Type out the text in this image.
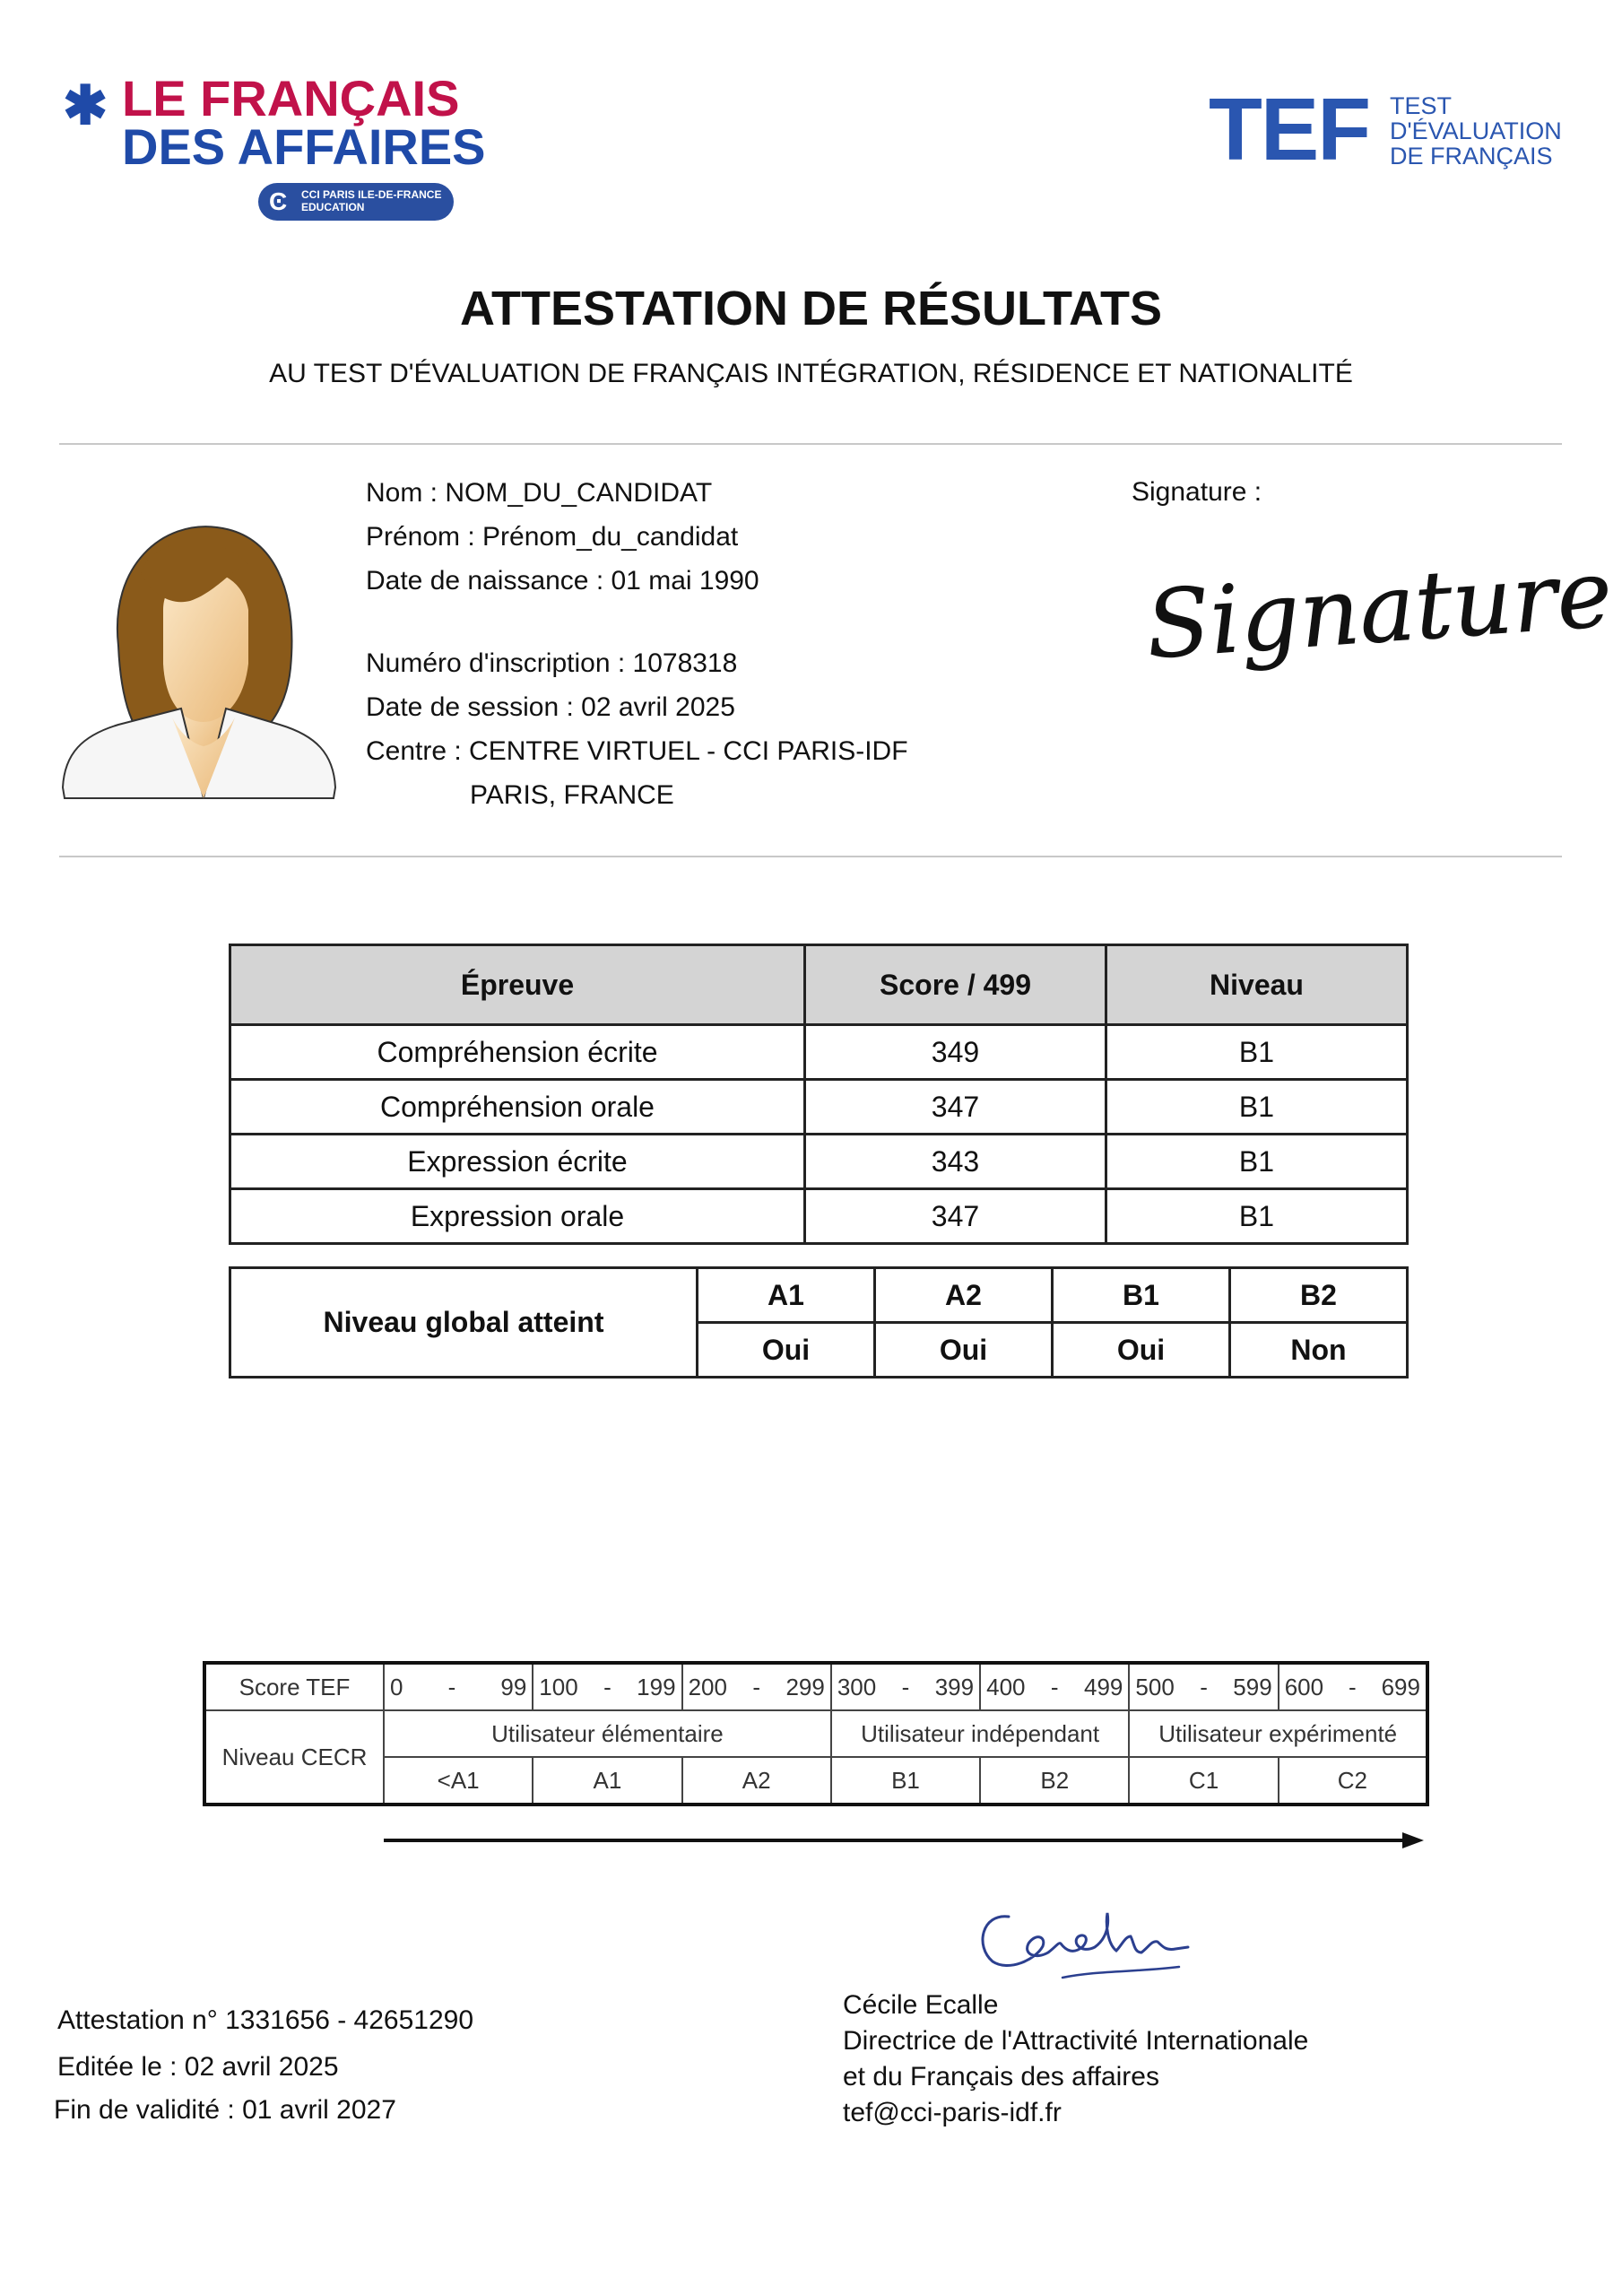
✱ LE FRANÇAIS
DES AFFAIRES
Ͼ CCI PARIS ILE-DE-FRANCE
EDUCATION
TEF TEST
D'ÉVALUATION
DE FRANÇAIS
ATTESTATION DE RÉSULTATS
AU TEST D'ÉVALUATION DE FRANÇAIS INTÉGRATION, RÉSIDENCE ET NATIONALITÉ
Nom : NOM_DU_CANDIDAT
Prénom : Prénom_du_candidat
Date de naissance : 01 mai 1990
Numéro d'inscription : 1078318
Date de session : 02 avril 2025
Centre : CENTRE VIRTUEL - CCI PARIS-IDF
PARIS, FRANCE
Signature :
Signature
Épreuve	Score / 499	Niveau
Compréhension écrite	349	B1
Compréhension orale	347	B1
Expression écrite	343	B1
Expression orale	347	B1
Niveau global atteint	A1	A2	B1	B2
	Oui	Oui	Oui	Non
Score TEF	0 - 99	100 - 199	200 - 299	300 - 399	400 - 499	500 - 599	600 - 699

Niveau CECR	Utilisateur élémentaire			Utilisateur indépendant		Utilisateur expérimenté	
	<A1	A1	A2	B1	B2	C1	C2
Attestation n° 1331656 - 42651290
Editée le : 02 avril 2025
Fin de validité : 01 avril 2027
Cécile Ecalle
Directrice de l'Attractivité Internationale
et du Français des affaires
tef@cci-paris-idf.fr
